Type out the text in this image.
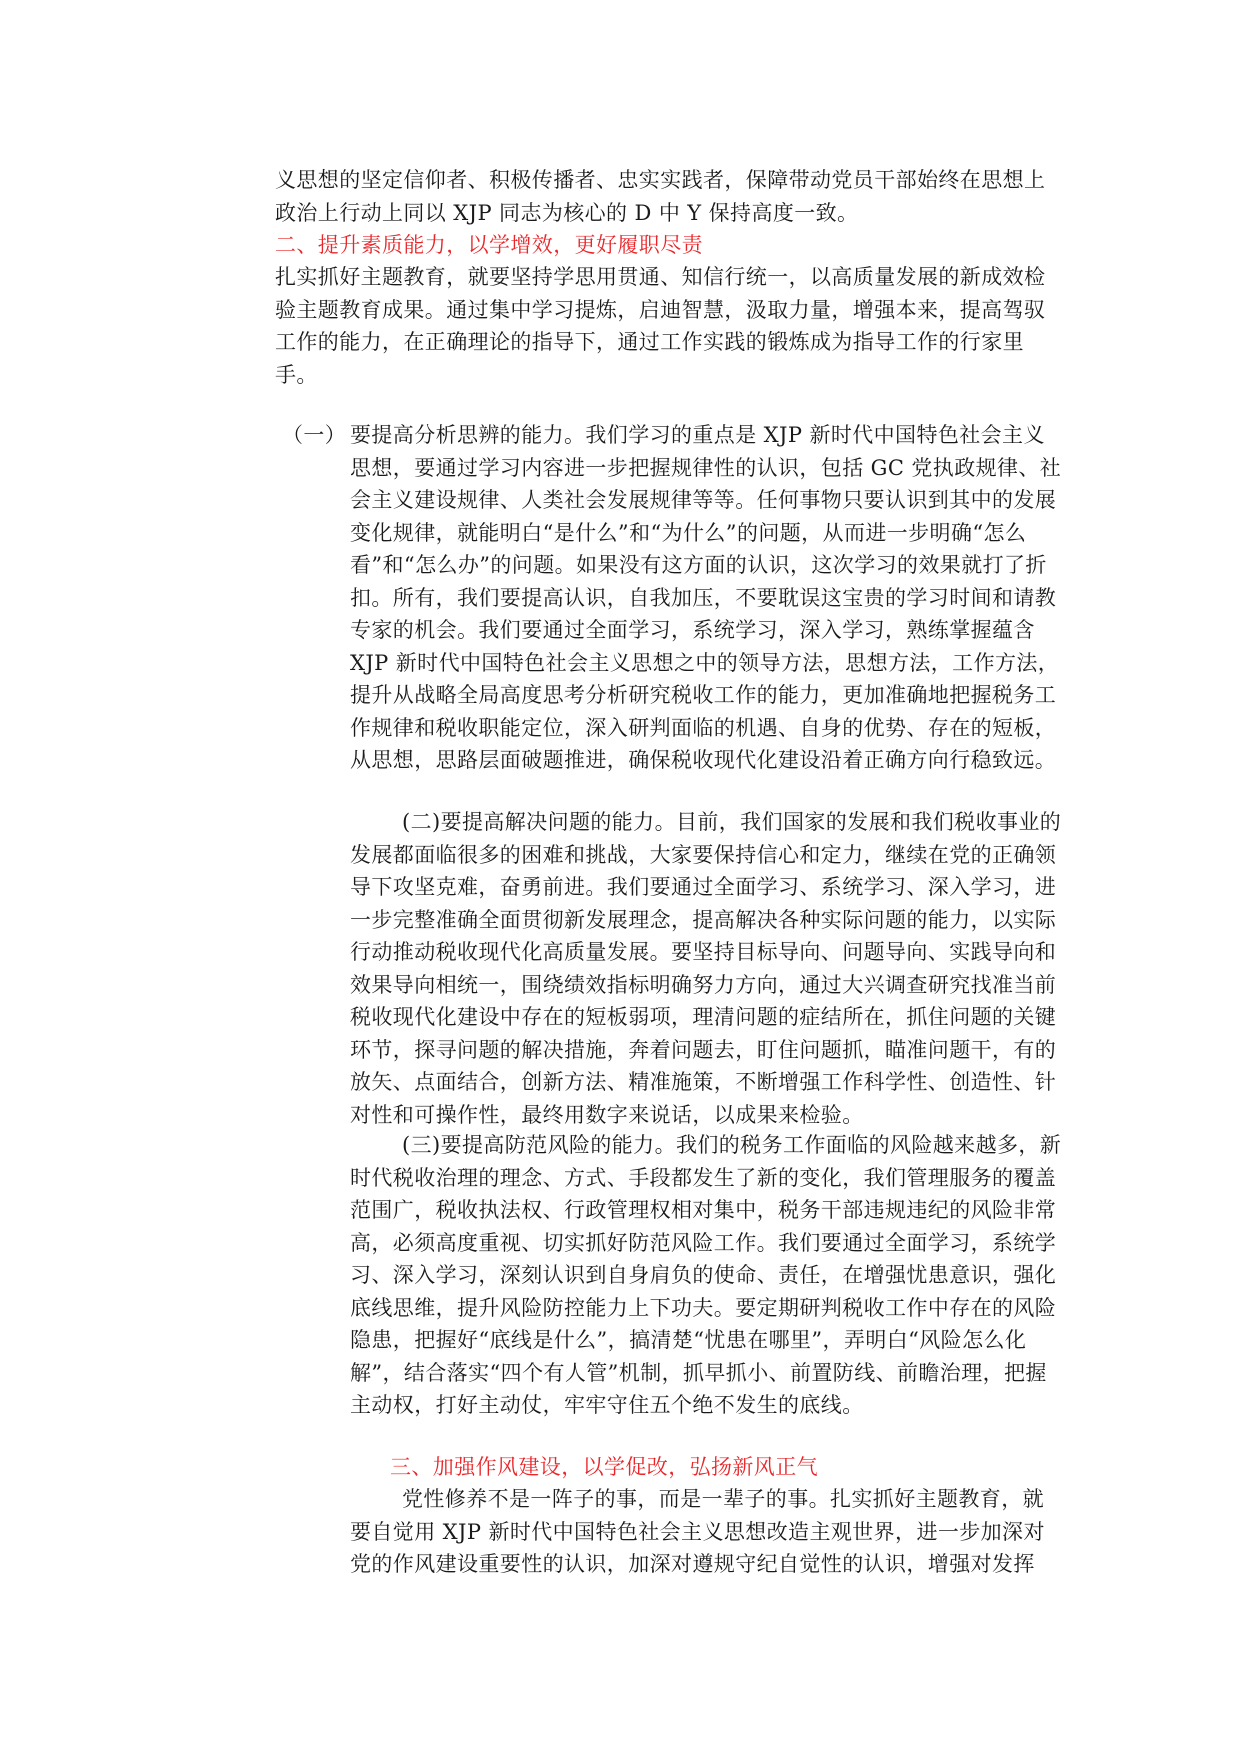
义思想的坚定信仰者、积极传播者、忠实实践者，保障带动党员干部始终在思想上政治上行动上同以 XJP 同志为核心的 D 中 Y 保持高度一致。

二、提升素质能力，以学增效，更好履职尽责

扎实抓好主题教育，就要坚持学思用贯通、知信行统一，以高质量发展的新成效检验主题教育成果。通过集中学习提炼，启迪智慧，汲取力量，增强本来，提高驾驭工作的能力，在正确理论的指导下，通过工作实践的锻炼成为指导工作的行家里手。

（一） 要提高分析思辨的能力。我们学习的重点是 XJP 新时代中国特色社会主义思想，要通过学习内容进一步把握规律性的认识，包括 GC 党执政规律、社会主义建设规律、人类社会发展规律等等。任何事物只要认识到其中的发展变化规律，就能明白“是什么”和“为什么”的问题，从而进一步明确“怎么看”和“怎么办”的问题。如果没有这方面的认识，这次学习的效果就打了折扣。所有，我们要提高认识，自我加压，不要耽误这宝贵的学习时间和请教专家的机会。我们要通过全面学习，系统学习，深入学习，熟练掌握蕴含 XJP 新时代中国特色社会主义思想之中的领导方法，思想方法，工作方法，提升从战略全局高度思考分析研究税收工作的能力，更加准确地把握税务工作规律和税收职能定位，深入研判面临的机遇、自身的优势、存在的短板，从思想，思路层面破题推进，确保税收现代化建设沿着正确方向行稳致远。

(二)要提高解决问题的能力。目前，我们国家的发展和我们税收事业的发展都面临很多的困难和挑战，大家要保持信心和定力，继续在党的正确领导下攻坚克难，奋勇前进。我们要通过全面学习、系统学习、深入学习，进一步完整准确全面贯彻新发展理念，提高解决各种实际问题的能力，以实际行动推动税收现代化高质量发展。要坚持目标导向、问题导向、实践导向和效果导向相统一，围绕绩效指标明确努力方向，通过大兴调查研究找准当前税收现代化建设中存在的短板弱项，理清问题的症结所在，抓住问题的关键环节，探寻问题的解决措施，奔着问题去，盯住问题抓，瞄准问题干，有的放矢、点面结合，创新方法、精准施策，不断增强工作科学性、创造性、针对性和可操作性，最终用数字来说话，以成果来检验。

(三)要提高防范风险的能力。我们的税务工作面临的风险越来越多，新时代税收治理的理念、方式、手段都发生了新的变化，我们管理服务的覆盖范围广，税收执法权、行政管理权相对集中，税务干部违规违纪的风险非常高，必须高度重视、切实抓好防范风险工作。我们要通过全面学习，系统学习、深入学习，深刻认识到自身肩负的使命、责任，在增强忧患意识，强化底线思维，提升风险防控能力上下功夫。要定期研判税收工作中存在的风险隐患，把握好“底线是什么”，搞清楚“忧患在哪里”，弄明白“风险怎么化解”，结合落实“四个有人管”机制，抓早抓小、前置防线、前瞻治理，把握主动权，打好主动仗，牢牢守住五个绝不发生的底线。

三、加强作风建设，以学促改，弘扬新风正气

党性修养不是一阵子的事，而是一辈子的事。扎实抓好主题教育，就要自觉用 XJP 新时代中国特色社会主义思想改造主观世界，进一步加深对党的作风建设重要性的认识，加深对遵规守纪自觉性的认识，增强对发挥
